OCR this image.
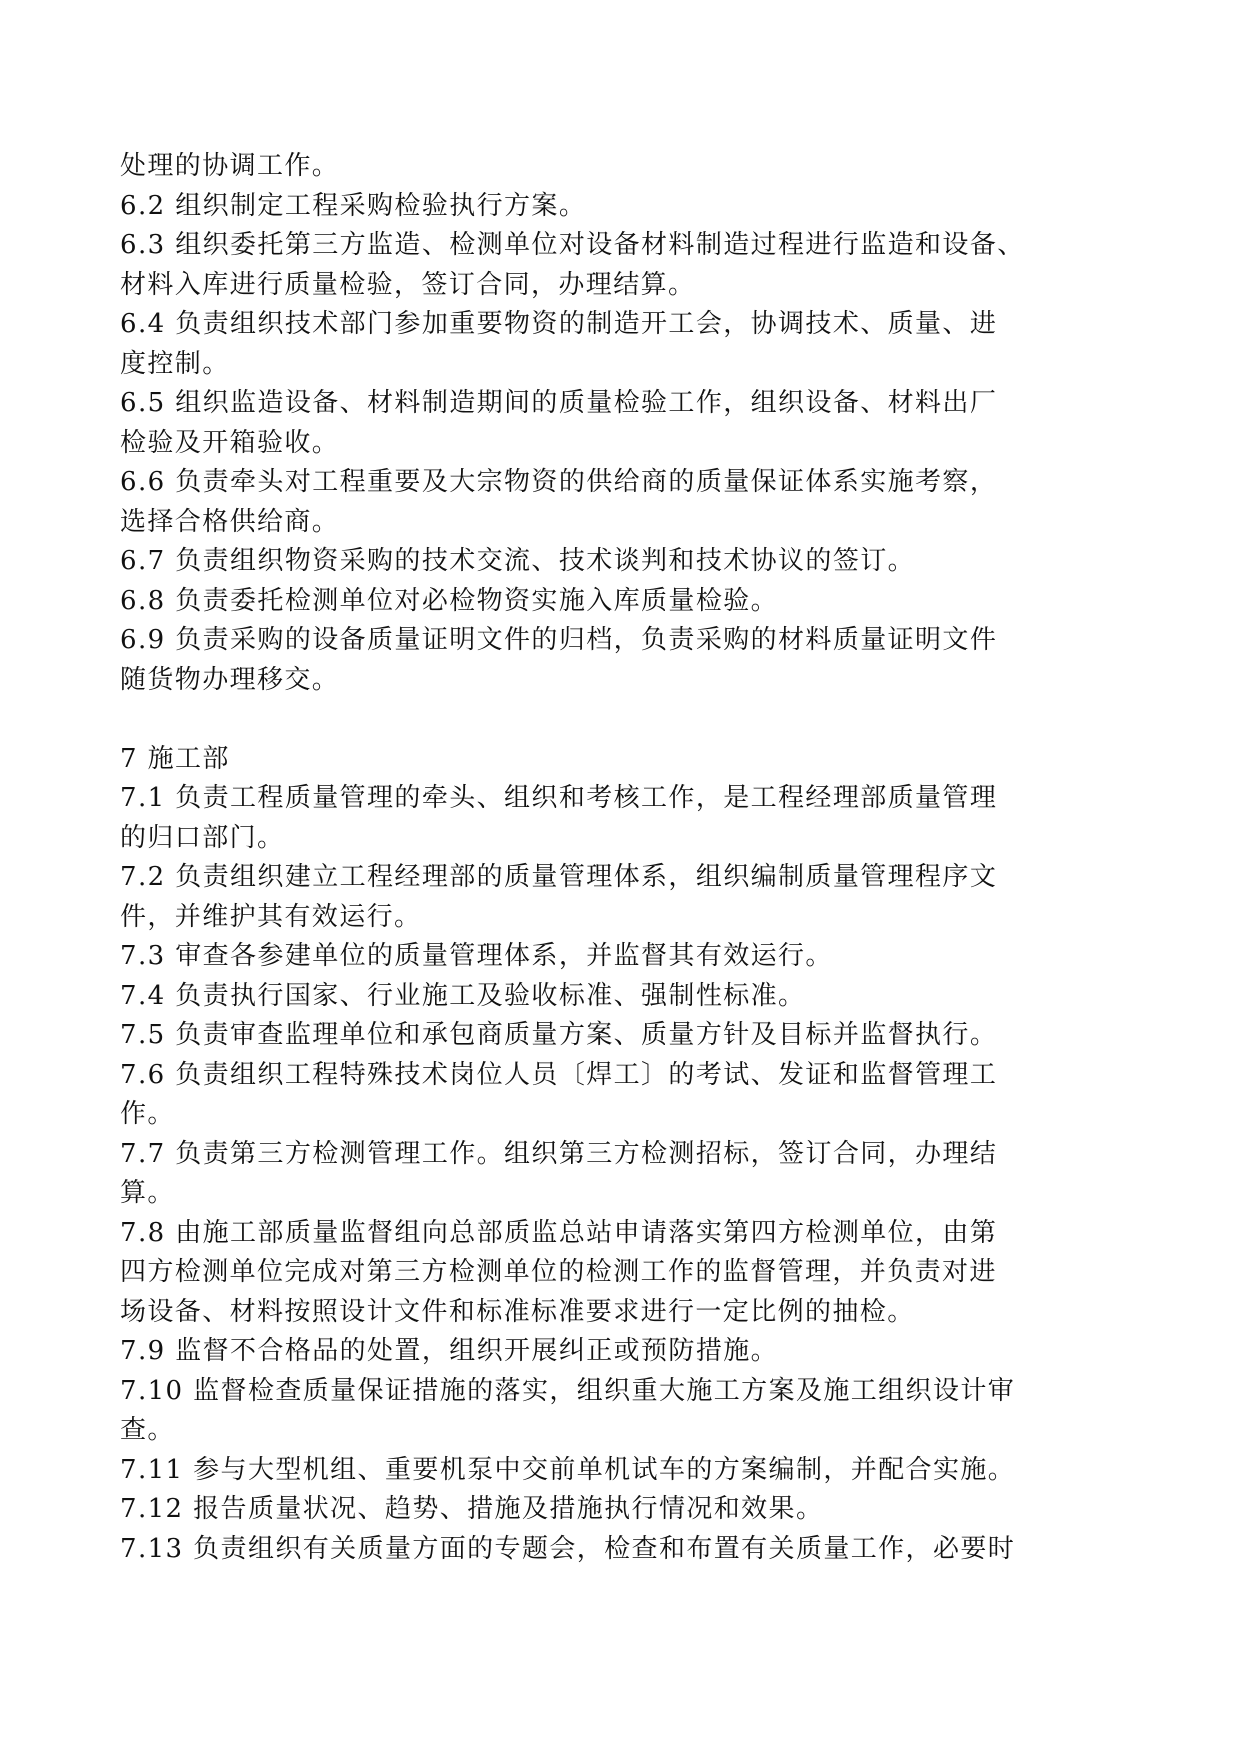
处理的协调工作。

6.2 组织制定工程采购检验执行方案。

6.3 组织委托第三方监造、检测单位对设备材料制造过程进行监造和设备、

材料入库进行质量检验，签订合同，办理结算。

6.4 负责组织技术部门参加重要物资的制造开工会，协调技术、质量、进

度控制。

6.5 组织监造设备、材料制造期间的质量检验工作，组织设备、材料出厂

检验及开箱验收。

6.6 负责牵头对工程重要及大宗物资的供给商的质量保证体系实施考察，

选择合格供给商。

6.7 负责组织物资采购的技术交流、技术谈判和技术协议的签订。

6.8 负责委托检测单位对必检物资实施入库质量检验。

6.9 负责采购的设备质量证明文件的归档，负责采购的材料质量证明文件

随货物办理移交。

7 施工部

7.1 负责工程质量管理的牵头、组织和考核工作，是工程经理部质量管理

的归口部门。

7.2 负责组织建立工程经理部的质量管理体系，组织编制质量管理程序文

件，并维护其有效运行。

7.3 审查各参建单位的质量管理体系，并监督其有效运行。

7.4 负责执行国家、行业施工及验收标准、强制性标准。

7.5 负责审查监理单位和承包商质量方案、质量方针及目标并监督执行。

7.6 负责组织工程特殊技术岗位人员〔焊工〕的考试、发证和监督管理工

作。

7.7 负责第三方检测管理工作。组织第三方检测招标，签订合同，办理结

算。

7.8 由施工部质量监督组向总部质监总站申请落实第四方检测单位，由第

四方检测单位完成对第三方检测单位的检测工作的监督管理，并负责对进

场设备、材料按照设计文件和标准标准要求进行一定比例的抽检。

7.9 监督不合格品的处置，组织开展纠正或预防措施。

7.10 监督检查质量保证措施的落实，组织重大施工方案及施工组织设计审

查。

7.11 参与大型机组、重要机泵中交前单机试车的方案编制，并配合实施。

7.12 报告质量状况、趋势、措施及措施执行情况和效果。

7.13 负责组织有关质量方面的专题会，检查和布置有关质量工作，必要时
